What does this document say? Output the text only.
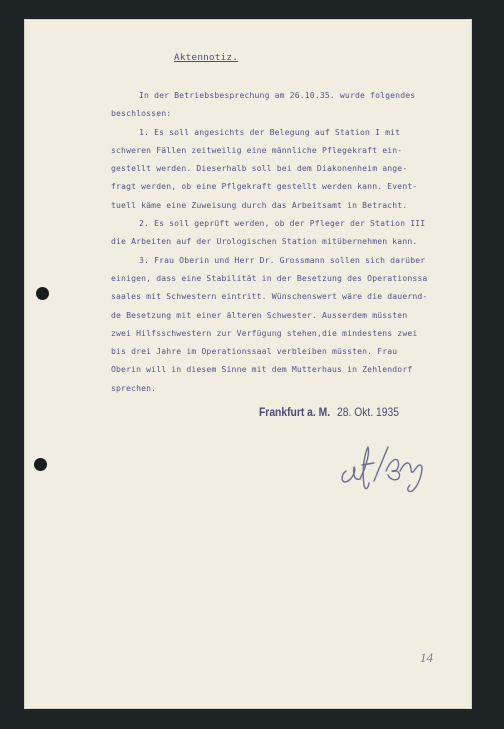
Aktennotiz.
In der Betriebsbesprechung am 26.10.35. wurde folgendes
beschlossen:
1. Es soll angesichts der Belegung auf Station I mit
schweren Fällen zeitweilig eine männliche Pflegekraft ein-
gestellt werden. Dieserhalb soll bei dem Diakonenheim ange-
fragt werden, ob eine Pflgekraft gestellt werden kann. Event-
tuell käme eine Zuweisung durch das Arbeitsamt in Betracht.
2. Es soll geprüft werden, ob der Pfleger der Station III
die Arbeiten auf der Urologischen Station mitübernehmen kann.
3. Frau Oberin und Herr Dr. Grossmann sollen sich darüber
einigen, dass eine Stabilität in der Besetzung des Operationssa
saales mit Schwestern eintritt. Wünschenswert wäre die dauernd-
de Besetzung mit einer älteren Schwester. Ausserdem müssten
zwei Hilfsschwestern zur Verfügung stehen,die mindestens zwei
bis drei Jahre im Operationssaal verbleiben müssten. Frau
Oberin will in diesem Sinne mit dem Mutterhaus in Zehlendorf
sprechen.
Frankfurt a. M. 28. Okt. 1935
14
